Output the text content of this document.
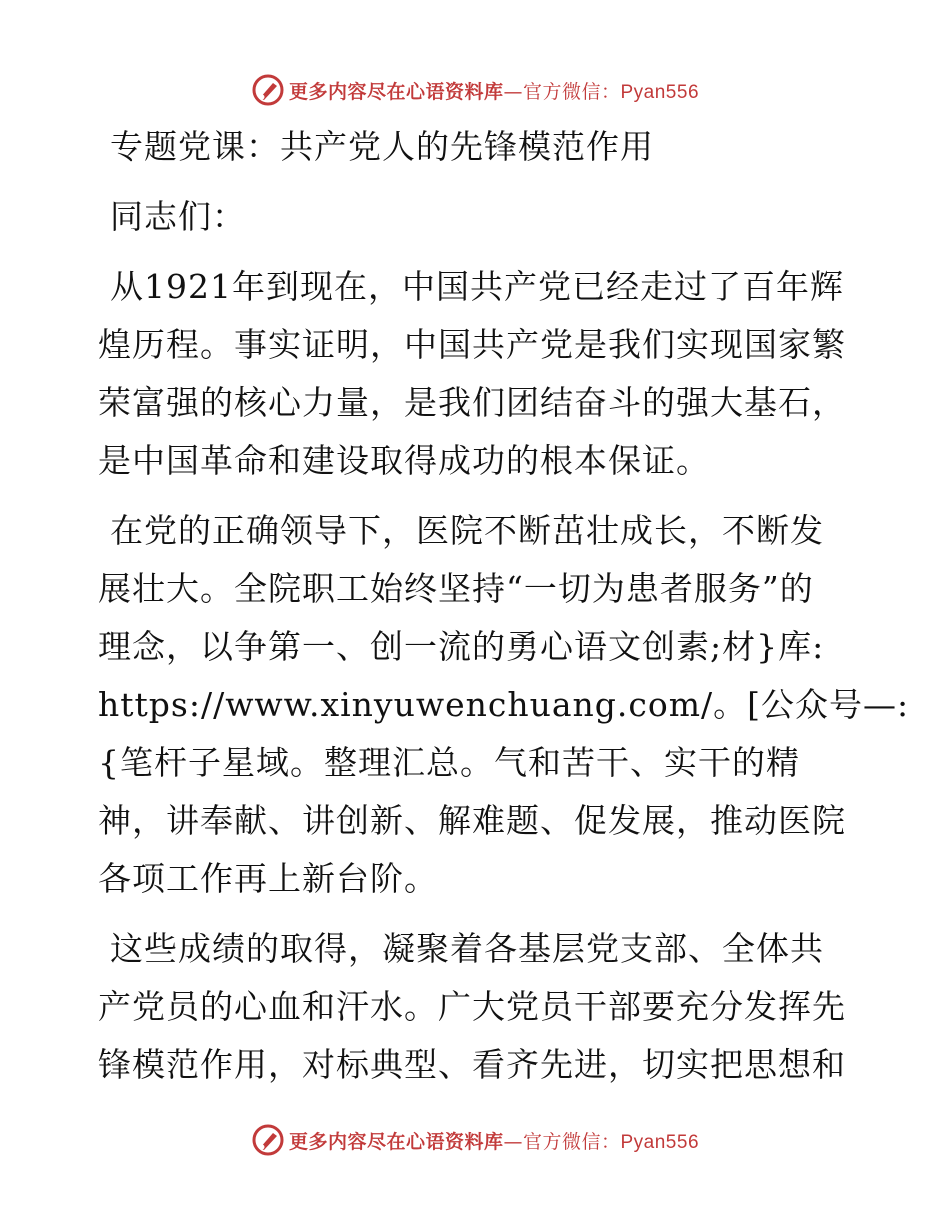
更多内容尽在心语资料库—官方微信：Pyan556
专题党课：共产党人的先锋模范作用
同志们：
从1921年到现在，中国共产党已经走过了百年辉
煌历程。事实证明，中国共产党是我们实现国家繁
荣富强的核心力量，是我们团结奋斗的强大基石，
是中国革命和建设取得成功的根本保证。
在党的正确领导下，医院不断茁壮成长，不断发
展壮大。全院职工始终坚持“一切为患者服务”的
理念，以争第一、创一流的勇心语文创素;材}库:
https://www.xinyuwenchuang.com/。[公众号—:
{笔杆子星域。整理汇总。气和苦干、实干的精
神，讲奉献、讲创新、解难题、促发展，推动医院
各项工作再上新台阶。
这些成绩的取得，凝聚着各基层党支部、全体共
产党员的心血和汗水。广大党员干部要充分发挥先
锋模范作用，对标典型、看齐先进，切实把思想和
更多内容尽在心语资料库—官方微信：Pyan556
